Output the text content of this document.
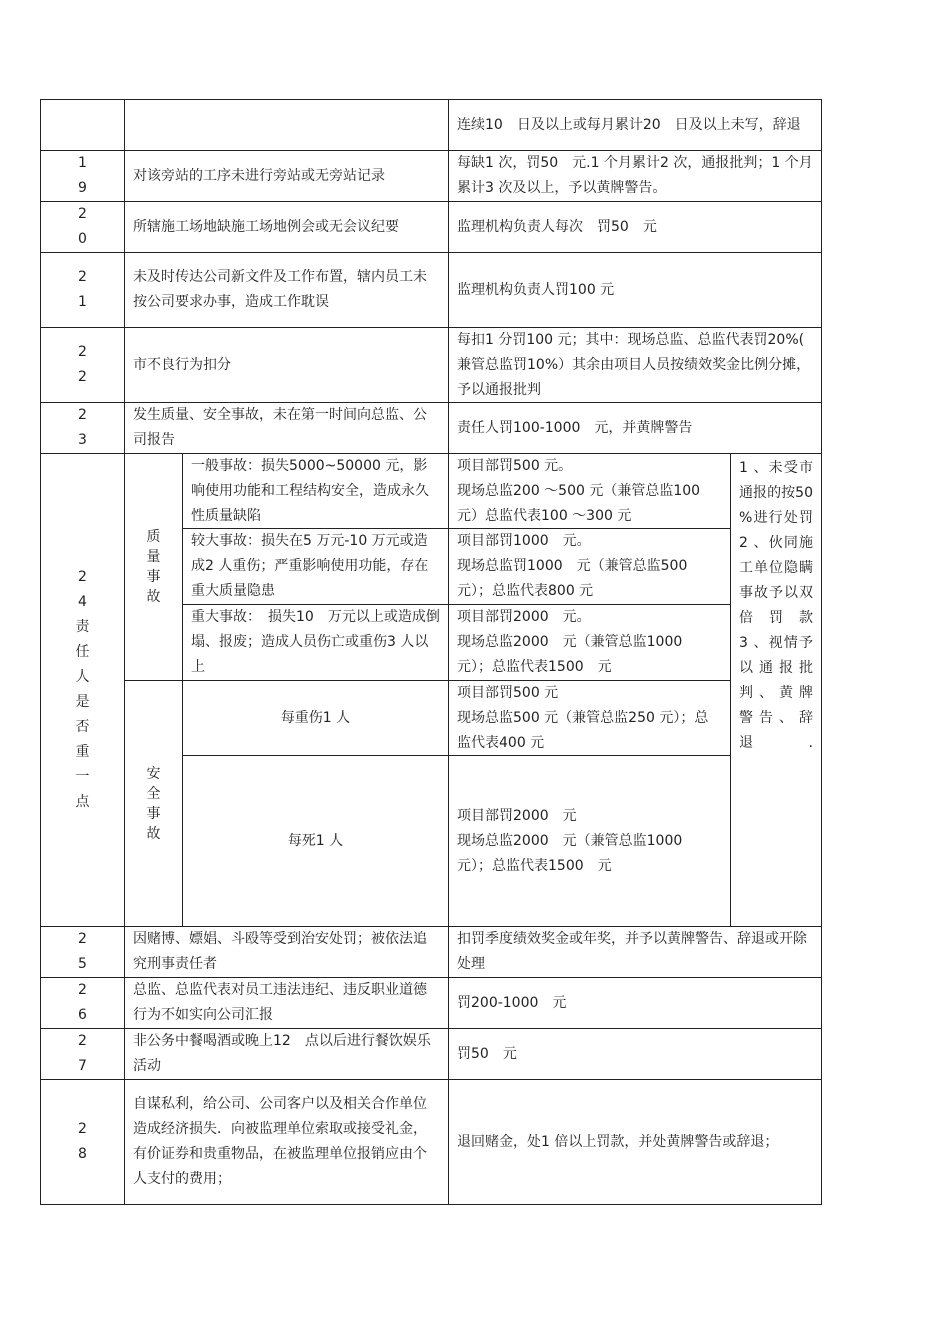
连续10　日及以上或每月累计20　日及以上未写，辞退
19
对该旁站的工序未进行旁站或无旁站记录
每缺1 次，罚50　元.1 个月累计2 次，通报批判；1 个月累计3 次及以上，予以黄牌警告。
20
所辖施工场地缺施工场地例会或无会议纪要	监理机构负责人每次　罚50　元
21
未及时传达公司新文件及工作布置，辖内员工未按公司要求办事，造成工作耽误
监理机构负责人罚100 元
22
市不良行为扣分
每扣1 分罚100 元；其中：现场总监、总监代表罚20%(　兼管总监罚10%）其余由项目人员按绩效奖金比例分摊，予以通报批判
23
发生质量、安全事故，未在第一时间向总监、公司报告
责任人罚100-1000　元，并黄牌警告
24责任人是否重一点
质量事故
安全事故
一般事故：损失5000~50000 元，影响使用功能和工程结构安全，造成永久性质量缺陷
项目部罚500 元。
现场总监200 ～500 元（兼管总监100 元）总监代表100 ～300 元
较大事故：损失在5 万元-10 万元或造成2 人重伤；严重影响使用功能，存在重大质量隐患
项目部罚1000　元。
现场总监罚1000　元（兼管总监500 元）；总监代表800 元
重大事故：　损失10　万元以上或造成倒塌、报废；造成人员伤亡或重伤3 人以上
项目部罚2000　元。
现场总监2000　元（兼管总监1000　元）；总监代表1500　元
每重伤1 人
项目部罚500 元
现场总监500 元（兼管总监250 元）；总监代表400 元
每死1 人
项目部罚2000　元
现场总监2000　元（兼管总监1000　元）；总监代表1500　元
1 、未受市通报的按50　%进行处罚
2 、伙同施工单位隐瞒事故予以双倍罚款
3 、视情予以通报批判、黄牌　警告、辞退.
25
因赌博、嫖娼、斗殴等受到治安处罚；被依法追究刑事责任者
扣罚季度绩效奖金或年奖，并予以黄牌警告、辞退或开除处理
26
总监、总监代表对员工违法违纪、违反职业道德行为不如实向公司汇报
罚200-1000　元
27
非公务中餐喝酒或晚上12　点以后进行餐饮娱乐活动
罚50　元
28
自谋私利，给公司、公司客户以及相关合作单位造成经济损失．向被监理单位索取或接受礼金，有价证券和贵重物品，在被监理单位报销应由个人支付的费用；
退回赌金，处1 倍以上罚款，并处黄牌警告或辞退；
